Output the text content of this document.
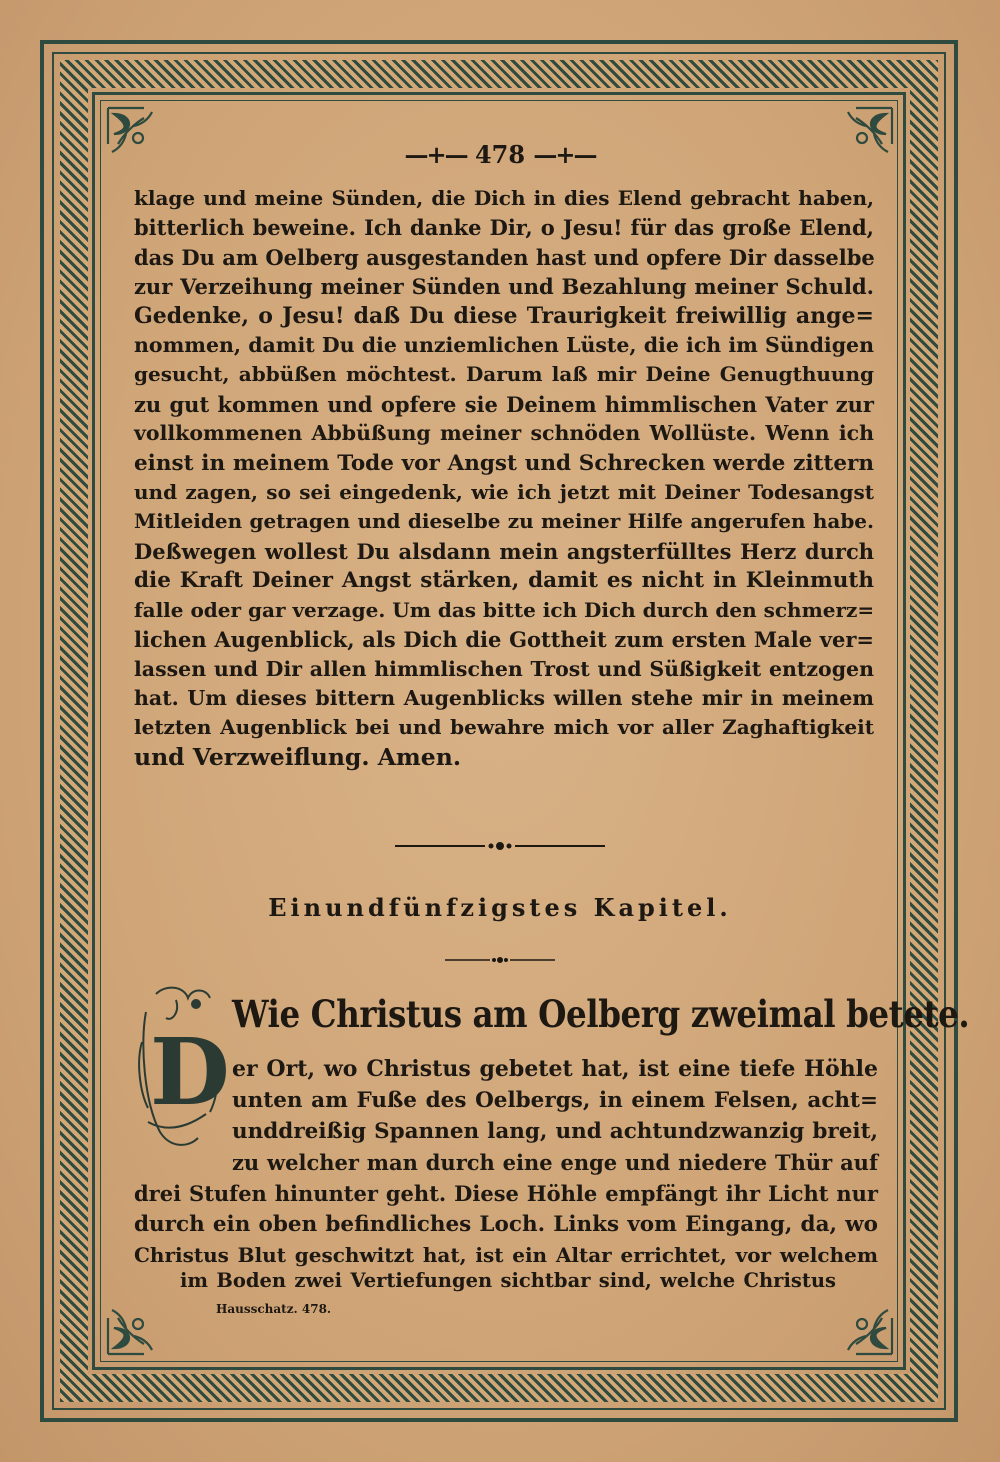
—+— 478 —+—
klage und meine Sünden, die Dich in dies Elend gebracht haben,
bitterlich beweine. Ich danke Dir, o Jesu! für das große Elend,
das Du am Oelberg ausgestanden hast und opfere Dir dasselbe
zur Verzeihung meiner Sünden und Bezahlung meiner Schuld.
Gedenke, o Jesu! daß Du diese Traurigkeit freiwillig ange=
nommen, damit Du die unziemlichen Lüste, die ich im Sündigen
gesucht, abbüßen möchtest. Darum laß mir Deine Genugthuung
zu gut kommen und opfere sie Deinem himmlischen Vater zur
vollkommenen Abbüßung meiner schnöden Wollüste. Wenn ich
einst in meinem Tode vor Angst und Schrecken werde zittern
und zagen, so sei eingedenk, wie ich jetzt mit Deiner Todesangst
Mitleiden getragen und dieselbe zu meiner Hilfe angerufen habe.
Deßwegen wollest Du alsdann mein angsterfülltes Herz durch
die Kraft Deiner Angst stärken, damit es nicht in Kleinmuth
falle oder gar verzage. Um das bitte ich Dich durch den schmerz=
lichen Augenblick, als Dich die Gottheit zum ersten Male ver=
lassen und Dir allen himmlischen Trost und Süßigkeit entzogen
hat. Um dieses bittern Augenblicks willen stehe mir in meinem
letzten Augenblick bei und bewahre mich vor aller Zaghaftigkeit
und Verzweiflung. Amen.
Einundfünfzigstes Kapitel.
D
Wie Christus am Oelberg zweimal betete.
er Ort, wo Christus gebetet hat, ist eine tiefe Höhle
unten am Fuße des Oelbergs, in einem Felsen, acht=
unddreißig Spannen lang, und achtundzwanzig breit,
zu welcher man durch eine enge und niedere Thür auf
drei Stufen hinunter geht. Diese Höhle empfängt ihr Licht nur
durch ein oben befindliches Loch. Links vom Eingang, da, wo
Christus Blut geschwitzt hat, ist ein Altar errichtet, vor welchem
im Boden zwei Vertiefungen sichtbar sind, welche Christus
Hausschatz. 478.
